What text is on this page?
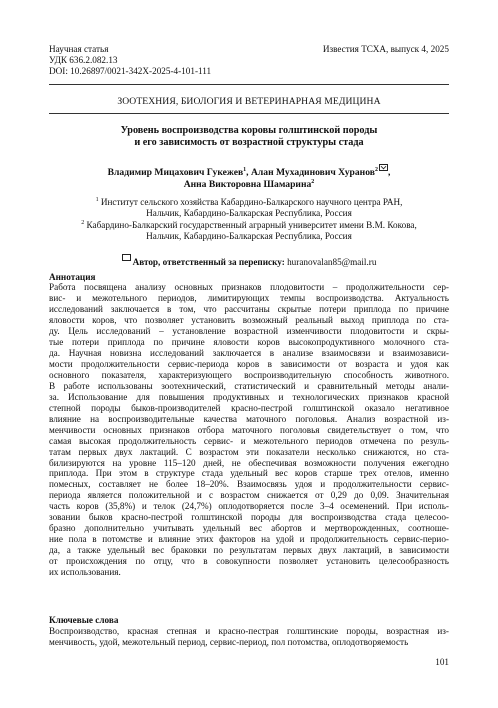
Научная статья
УДК 636.2.082.13
DOI: 10.26897/0021-342X-2025-4-101-111
Известия ТСХА, выпуск 4, 2025
ЗООТЕХНИЯ, БИОЛОГИЯ И ВЕТЕРИНАРНАЯ МЕДИЦИНА
Уровень воспроизводства коровы голштинской породы
и его зависимость от возрастной структуры стада
Владимир Мицахович Гукежев$^1$, Алан Мухадинович Хуранов$^2$ ,
Анна Викторовна Шамарина$^2$
$^1$ Институт сельского хозяйства Кабардино-Балкарского научного центра РАН,
Нальчик, Кабардино-Балкарская Республика, Россия
$^2$ Кабардино-Балкарский государственный аграрный университет имени В.М. Кокова,
Нальчик, Кабардино-Балкарская Республика, Россия
Автор, ответственный за переписку: huranovalan85@mail.ru
Аннотация
Работа посвящена анализу основных признаков плодовитости – продолжительности сер-
вис- и межотельного периодов, лимитирующих темпы воспроизводства. Актуальность
исследований заключается в том, что рассчитаны скрытые потери приплода по причине
яловости коров, что позволяет установить возможный реальный выход приплода по ста-
ду. Цель исследований – установление возрастной изменчивости плодовитости и скры-
тые потери приплода по причине яловости коров высокопродуктивного молочного ста-
да. Научная новизна исследований заключается в анализе взаимосвязи и взаимозависи-
мости продолжительности сервис-периода коров в зависимости от возраста и удоя как
основного показателя, характеризующего воспроизводительную способность животного.
В работе использованы зоотехнический, статистический и сравнительный методы анали-
за. Использование для повышения продуктивных и технологических признаков красной
степной породы быков-производителей красно-пестрой голштинской оказало негативное
влияние на воспроизводительные качества маточного поголовья. Анализ возрастной из-
менчивости основных признаков отбора маточного поголовья свидетельствует о том, что
самая высокая продолжительность сервис- и межотельного периодов отмечена по резуль-
татам первых двух лактаций. С возрастом эти показатели несколько снижаются, но ста-
билизируются на уровне 115–120 дней, не обеспечивая возможности получения ежегодно
приплода. При этом в структуре стада удельный вес коров старше трех отелов, именно
помесных, составляет не более 18–20%. Взаимосвязь удоя и продолжительности сервис-
периода является положительной и с возрастом снижается от 0,29 до 0,09. Значительная
часть коров (35,8%) и телок (24,7%) оплодотворяется после 3–4 осеменений. При исполь-
зовании быков красно-пестрой голштинской породы для воспроизводства стада целесоо-
бразно дополнительно учитывать удельный вес абортов и мертворожденных, соотноше-
ние пола в потомстве и влияние этих факторов на удой и продолжительность сервис-перио-
да, а также удельный вес браковки по результатам первых двух лактаций, в зависимости
от происхождения по отцу, что в совокупности позволяет установить целесообразность
их использования.
Ключевые слова
Воспроизводство, красная степная и красно-пестрая голштинские породы, возрастная из-
менчивость, удой, межотельный период, сервис-период, пол потомства, оплодотворяемость
101
